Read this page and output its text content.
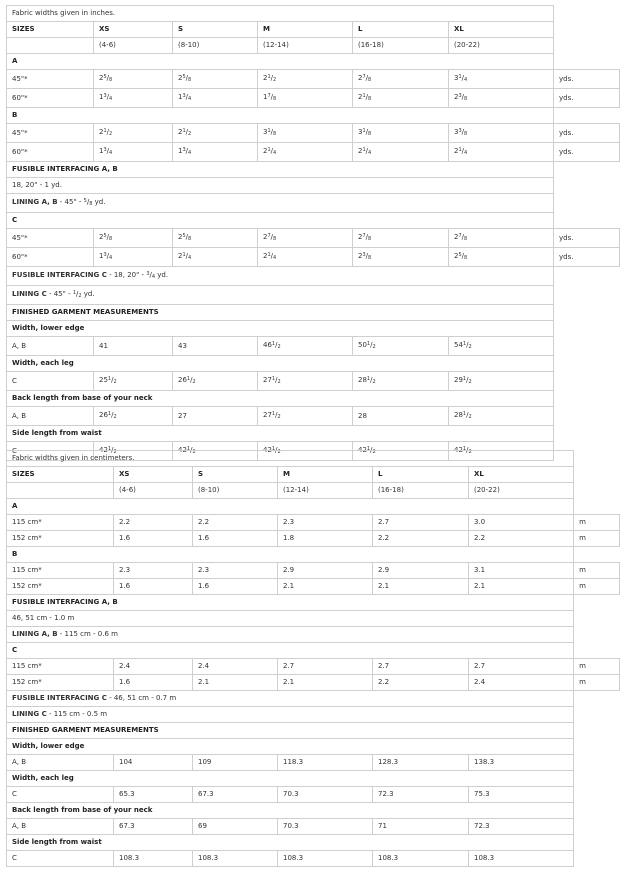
Fabric widths given in inches.						
SIZES	XS	S	M	L	XL	
	(4-6)	(8-10)	(12-14)	(16-18)	(20-22)	
A						
45"*	$2^5/_8$	$2^5/_8$	$2^1/_2$	$2^7/_8$	$3^1/_4$	yds.
60"*	$1^3/_4$	$1^3/_4$	$1^7/_8$	$2^1/_8$	$2^3/_8$	yds.
B						
45"*	$2^1/_2$	$2^1/_2$	$3^1/_8$	$3^1/_8$	$3^3/_8$	yds.
60"*	$1^3/_4$	$1^3/_4$	$2^1/_4$	$2^1/_4$	$2^1/_4$	yds.
FUSIBLE INTERFACING A, B						
18, 20" - 1 yd.						
LINING A, B - 45" - $^5/_8$ yd.						
C						
45"*	$2^5/_8$	$2^5/_8$	$2^7/_8$	$2^7/_8$	$2^7/_8$	yds.
60"*	$1^3/_4$	$2^1/_4$	$2^1/_4$	$2^3/_8$	$2^5/_8$	yds.
FUSIBLE INTERFACING C - 18, 20" - $^3/_4$ yd.						
LINING C - 45" - $^1/_2$ yd.						
FINISHED GARMENT MEASUREMENTS						
Width, lower edge						
A, B	41	43	$46^1/_2$	$50^1/_2$	$54^1/_2$	
Width, each leg						
C	$25^1/_2$	$26^1/_2$	$27^1/_2$	$28^1/_2$	$29^1/_2$	
Back length from base of your neck						
A, B	$26^1/_2$	27	$27^1/_2$	28	$28^1/_2$	
Side length from waist						
C	$42^1/_2$	$42^1/_2$	$42^1/_2$	$42^1/_2$	$42^1/_2$	
Fabric widths given in centimeters.						
SIZES	XS	S	M	L	XL	
	(4-6)	(8-10)	(12-14)	(16-18)	(20-22)	
A						
115 cm*	2.2	2.2	2.3	2.7	3.0	m
152 cm*	1.6	1.6	1.8	2.2	2.2	m
B						
115 cm*	2.3	2.3	2.9	2.9	3.1	m
152 cm*	1.6	1.6	2.1	2.1	2.1	m
FUSIBLE INTERFACING A, B						
46, 51 cm - 1.0 m						
LINING A, B - 115 cm - 0.6 m						
C						
115 cm*	2.4	2.4	2.7	2.7	2.7	m
152 cm*	1.6	2.1	2.1	2.2	2.4	m
FUSIBLE INTERFACING C - 46, 51 cm - 0.7 m						
LINING C - 115 cm - 0.5 m						
FINISHED GARMENT MEASUREMENTS						
Width, lower edge						
A, B	104	109	118.3	128.3	138.3	
Width, each leg						
C	65.3	67.3	70.3	72.3	75.3	
Back length from base of your neck						
A, B	67.3	69	70.3	71	72.3	
Side length from waist						
C	108.3	108.3	108.3	108.3	108.3	
